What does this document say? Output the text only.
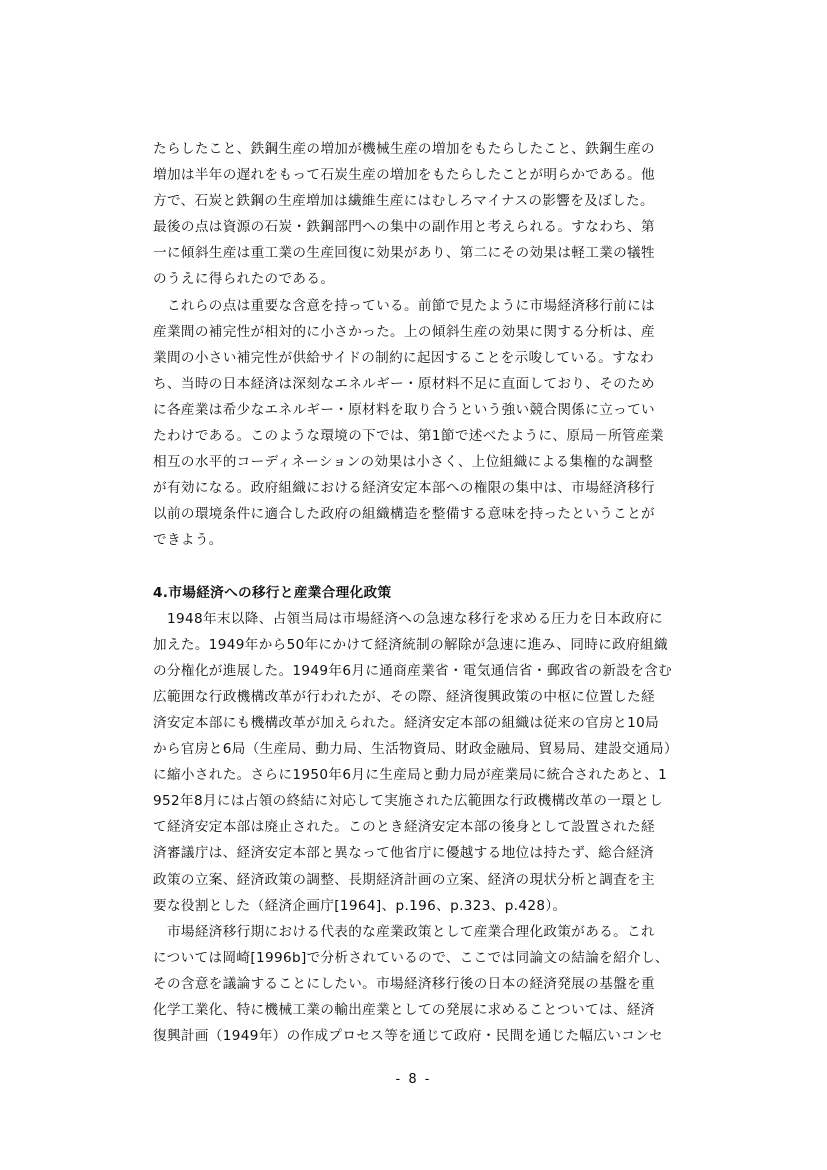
たらしたこと、鉄鋼生産の増加が機械生産の増加をもたらしたこと、鉄鋼生産の
増加は半年の遅れをもって石炭生産の増加をもたらしたことが明らかである。他
方で、石炭と鉄鋼の生産増加は繊維生産にはむしろマイナスの影響を及ぼした。
最後の点は資源の石炭・鉄鋼部門への集中の副作用と考えられる。すなわち、第
一に傾斜生産は重工業の生産回復に効果があり、第二にその効果は軽工業の犠牲
のうえに得られたのである。
　これらの点は重要な含意を持っている。前節で見たように市場経済移行前には
産業間の補完性が相対的に小さかった。上の傾斜生産の効果に関する分析は、産
業間の小さい補完性が供給サイドの制約に起因することを示唆している。すなわ
ち、当時の日本経済は深刻なエネルギー・原材料不足に直面しており、そのため
に各産業は希少なエネルギー・原材料を取り合うという強い競合関係に立ってい
たわけである。このような環境の下では、第1節で述べたように、原局－所管産業
相互の水平的コーディネーションの効果は小さく、上位組織による集権的な調整
が有効になる。政府組織における経済安定本部への権限の集中は、市場経済移行
以前の環境条件に適合した政府の組織構造を整備する意味を持ったということが
できよう。
4.市場経済への移行と産業合理化政策
　1948年末以降、占領当局は市場経済への急速な移行を求める圧力を日本政府に
加えた。1949年から50年にかけて経済統制の解除が急速に進み、同時に政府組織
の分権化が進展した。1949年6月に通商産業省・電気通信省・郵政省の新設を含む
広範囲な行政機構改革が行われたが、その際、経済復興政策の中枢に位置した経
済安定本部にも機構改革が加えられた。経済安定本部の組織は従来の官房と10局
から官房と6局（生産局、動力局、生活物資局、財政金融局、貿易局、建設交通局）
に縮小された。さらに1950年6月に生産局と動力局が産業局に統合されたあと、1
952年8月には占領の終結に対応して実施された広範囲な行政機構改革の一環とし
て経済安定本部は廃止された。このとき経済安定本部の後身として設置された経
済審議庁は、経済安定本部と異なって他省庁に優越する地位は持たず、総合経済
政策の立案、経済政策の調整、長期経済計画の立案、経済の現状分析と調査を主
要な役割とした（経済企画庁[1964]、p.196、p.323、p.428）。
　市場経済移行期における代表的な産業政策として産業合理化政策がある。これ
については岡崎[1996b]で分析されているので、ここでは同論文の結論を紹介し、
その含意を議論することにしたい。市場経済移行後の日本の経済発展の基盤を重
化学工業化、特に機械工業の輸出産業としての発展に求めることついては、経済
復興計画（1949年）の作成プロセス等を通じて政府・民間を通じた幅広いコンセ
- 8 -
